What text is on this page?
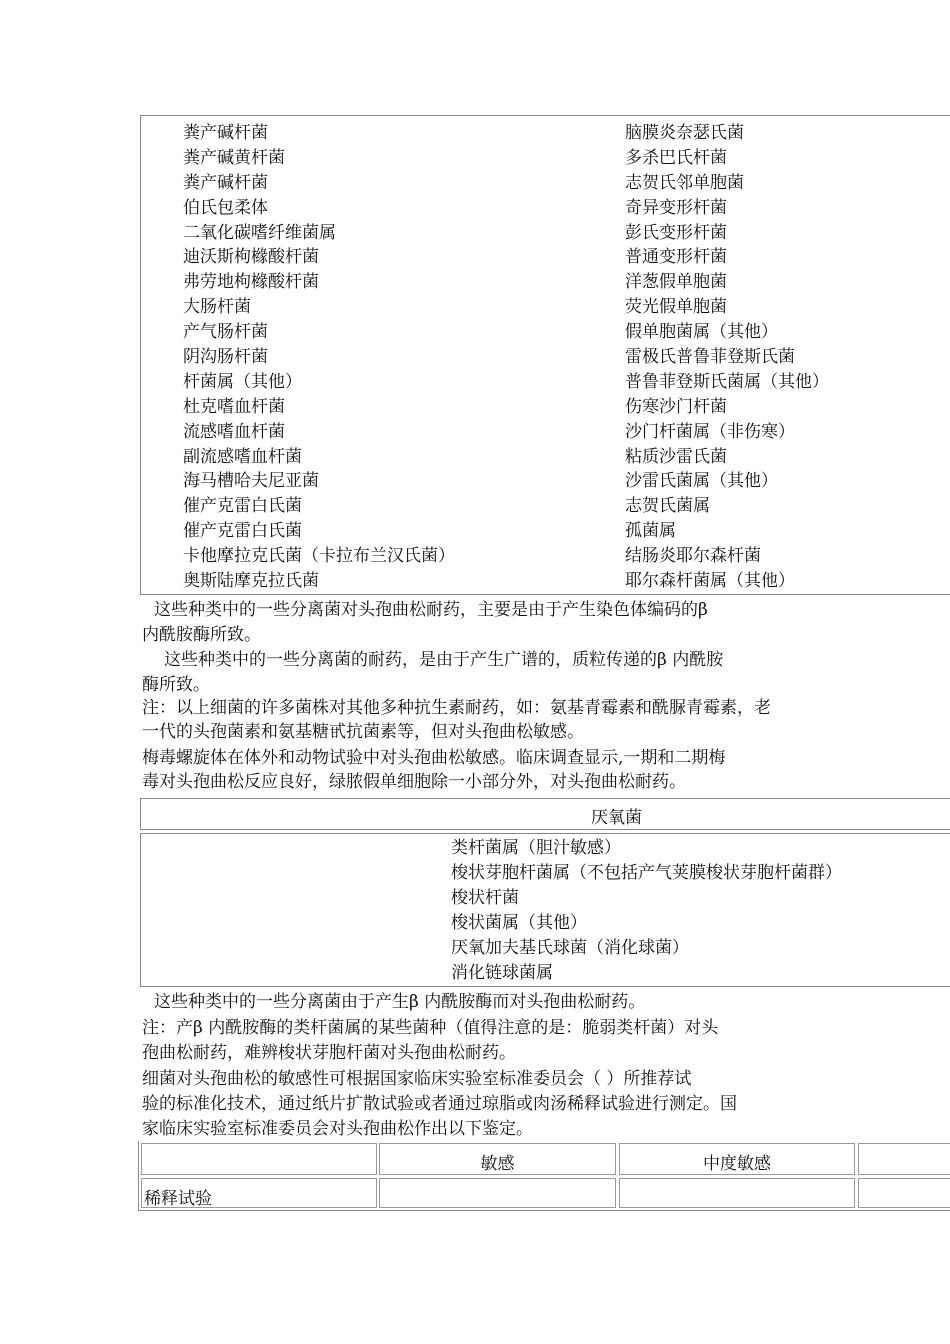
粪产碱杆菌
粪产碱黄杆菌
粪产碱杆菌
伯氏包柔体
二氧化碳嗜纤维菌属
迪沃斯枸橼酸杆菌
弗劳地枸橼酸杆菌
大肠杆菌
产气肠杆菌
阴沟肠杆菌
杆菌属（其他）
杜克嗜血杆菌
流感嗜血杆菌
副流感嗜血杆菌
海马槽哈夫尼亚菌
催产克雷白氏菌
催产克雷白氏菌
卡他摩拉克氏菌（卡拉布兰汉氏菌）
奥斯陆摩克拉氏菌
脑膜炎奈瑟氏菌
多杀巴氏杆菌
志贺氏邻单胞菌
奇异变形杆菌
彭氏变形杆菌
普通变形杆菌
洋葱假单胞菌
荧光假单胞菌
假单胞菌属（其他）
雷极氏普鲁菲登斯氏菌
普鲁菲登斯氏菌属（其他）
伤寒沙门杆菌
沙门杆菌属（非伤寒）
粘质沙雷氏菌
沙雷氏菌属（其他）
志贺氏菌属
孤菌属
结肠炎耶尔森杆菌
耶尔森杆菌属（其他）
这些种类中的一些分离菌对头孢曲松耐药，主要是由于产生染色体编码的β
内酰胺酶所致。
这些种类中的一些分离菌的耐药，是由于产生广谱的，质粒传递的β 内酰胺
酶所致。
注：以上细菌的许多菌株对其他多种抗生素耐药，如：氨基青霉素和酰脲青霉素，老
一代的头孢菌素和氨基糖甙抗菌素等，但对头孢曲松敏感。
梅毒螺旋体在体外和动物试验中对头孢曲松敏感。临床调查显示,一期和二期梅
毒对头孢曲松反应良好，绿脓假单细胞除一小部分外，对头孢曲松耐药。
厌氧菌
类杆菌属（胆汁敏感）
梭状芽胞杆菌属（不包括产气荚膜梭状芽胞杆菌群）
梭状杆菌
梭状菌属（其他）
厌氧加夫基氏球菌（消化球菌）
消化链球菌属
这些种类中的一些分离菌由于产生β 内酰胺酶而对头孢曲松耐药。
注：产β 内酰胺酶的类杆菌属的某些菌种（值得注意的是：脆弱类杆菌）对头
孢曲松耐药，难辨梭状芽胞杆菌对头孢曲松耐药。
细菌对头孢曲松的敏感性可根据国家临床实验室标准委员会（ ）所推荐试
验的标准化技术，通过纸片扩散试验或者通过琼脂或肉汤稀释试验进行测定。国
家临床实验室标准委员会对头孢曲松作出以下鉴定。
敏感	中度敏感
稀释试验
